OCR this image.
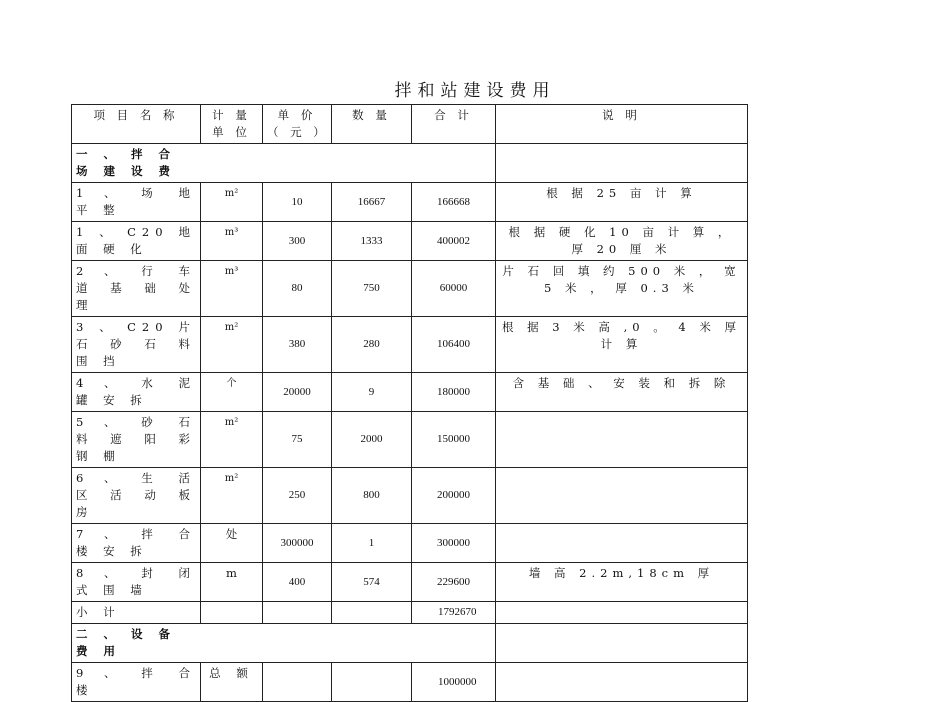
拌和站建设费用
项 目 名 称	计 量 单 位	单 价 （ 元 ）	数 量	合 计	说 明

一 、 拌 合 场 建 设 费					

1 、 场 地 平 整	m²	10	16667	166668	根 据 25 亩 计 算
1 、 C20 地 面 硬 化	m³	300	1333	400002	根 据 硬 化 10 亩 计 算 ， 厚 20 厘 米
2 、 行 车 道 基 础 处 理	m³	80	750	60000	片 石 回 填 约 500 米 ， 宽 5 米 ， 厚 0.3 米
3 、 C20 片 石 砂 石 料 围 挡	m²	380	280	106400	根 据 3 米 高 ,0 。 4 米 厚 计 算
4 、 水 泥 罐 安 拆	个	20000	9	180000	含 基 础 、 安 装 和 拆 除
5 、 砂 石 料 遮 阳 彩 钢 棚	m²	75	2000	150000	
6 、 生 活 区 活 动 板 房	m²	250	800	200000	
7 、 拌 合 楼 安 拆	处	300000	1	300000	
8 、 封 闭 式 围 墙	m	400	574	229600	墙 高 2.2m,18cm 厚
小 计				1792670	

二 、 设 备 费 用					

9 、 拌 合 楼	总 额			1000000	
